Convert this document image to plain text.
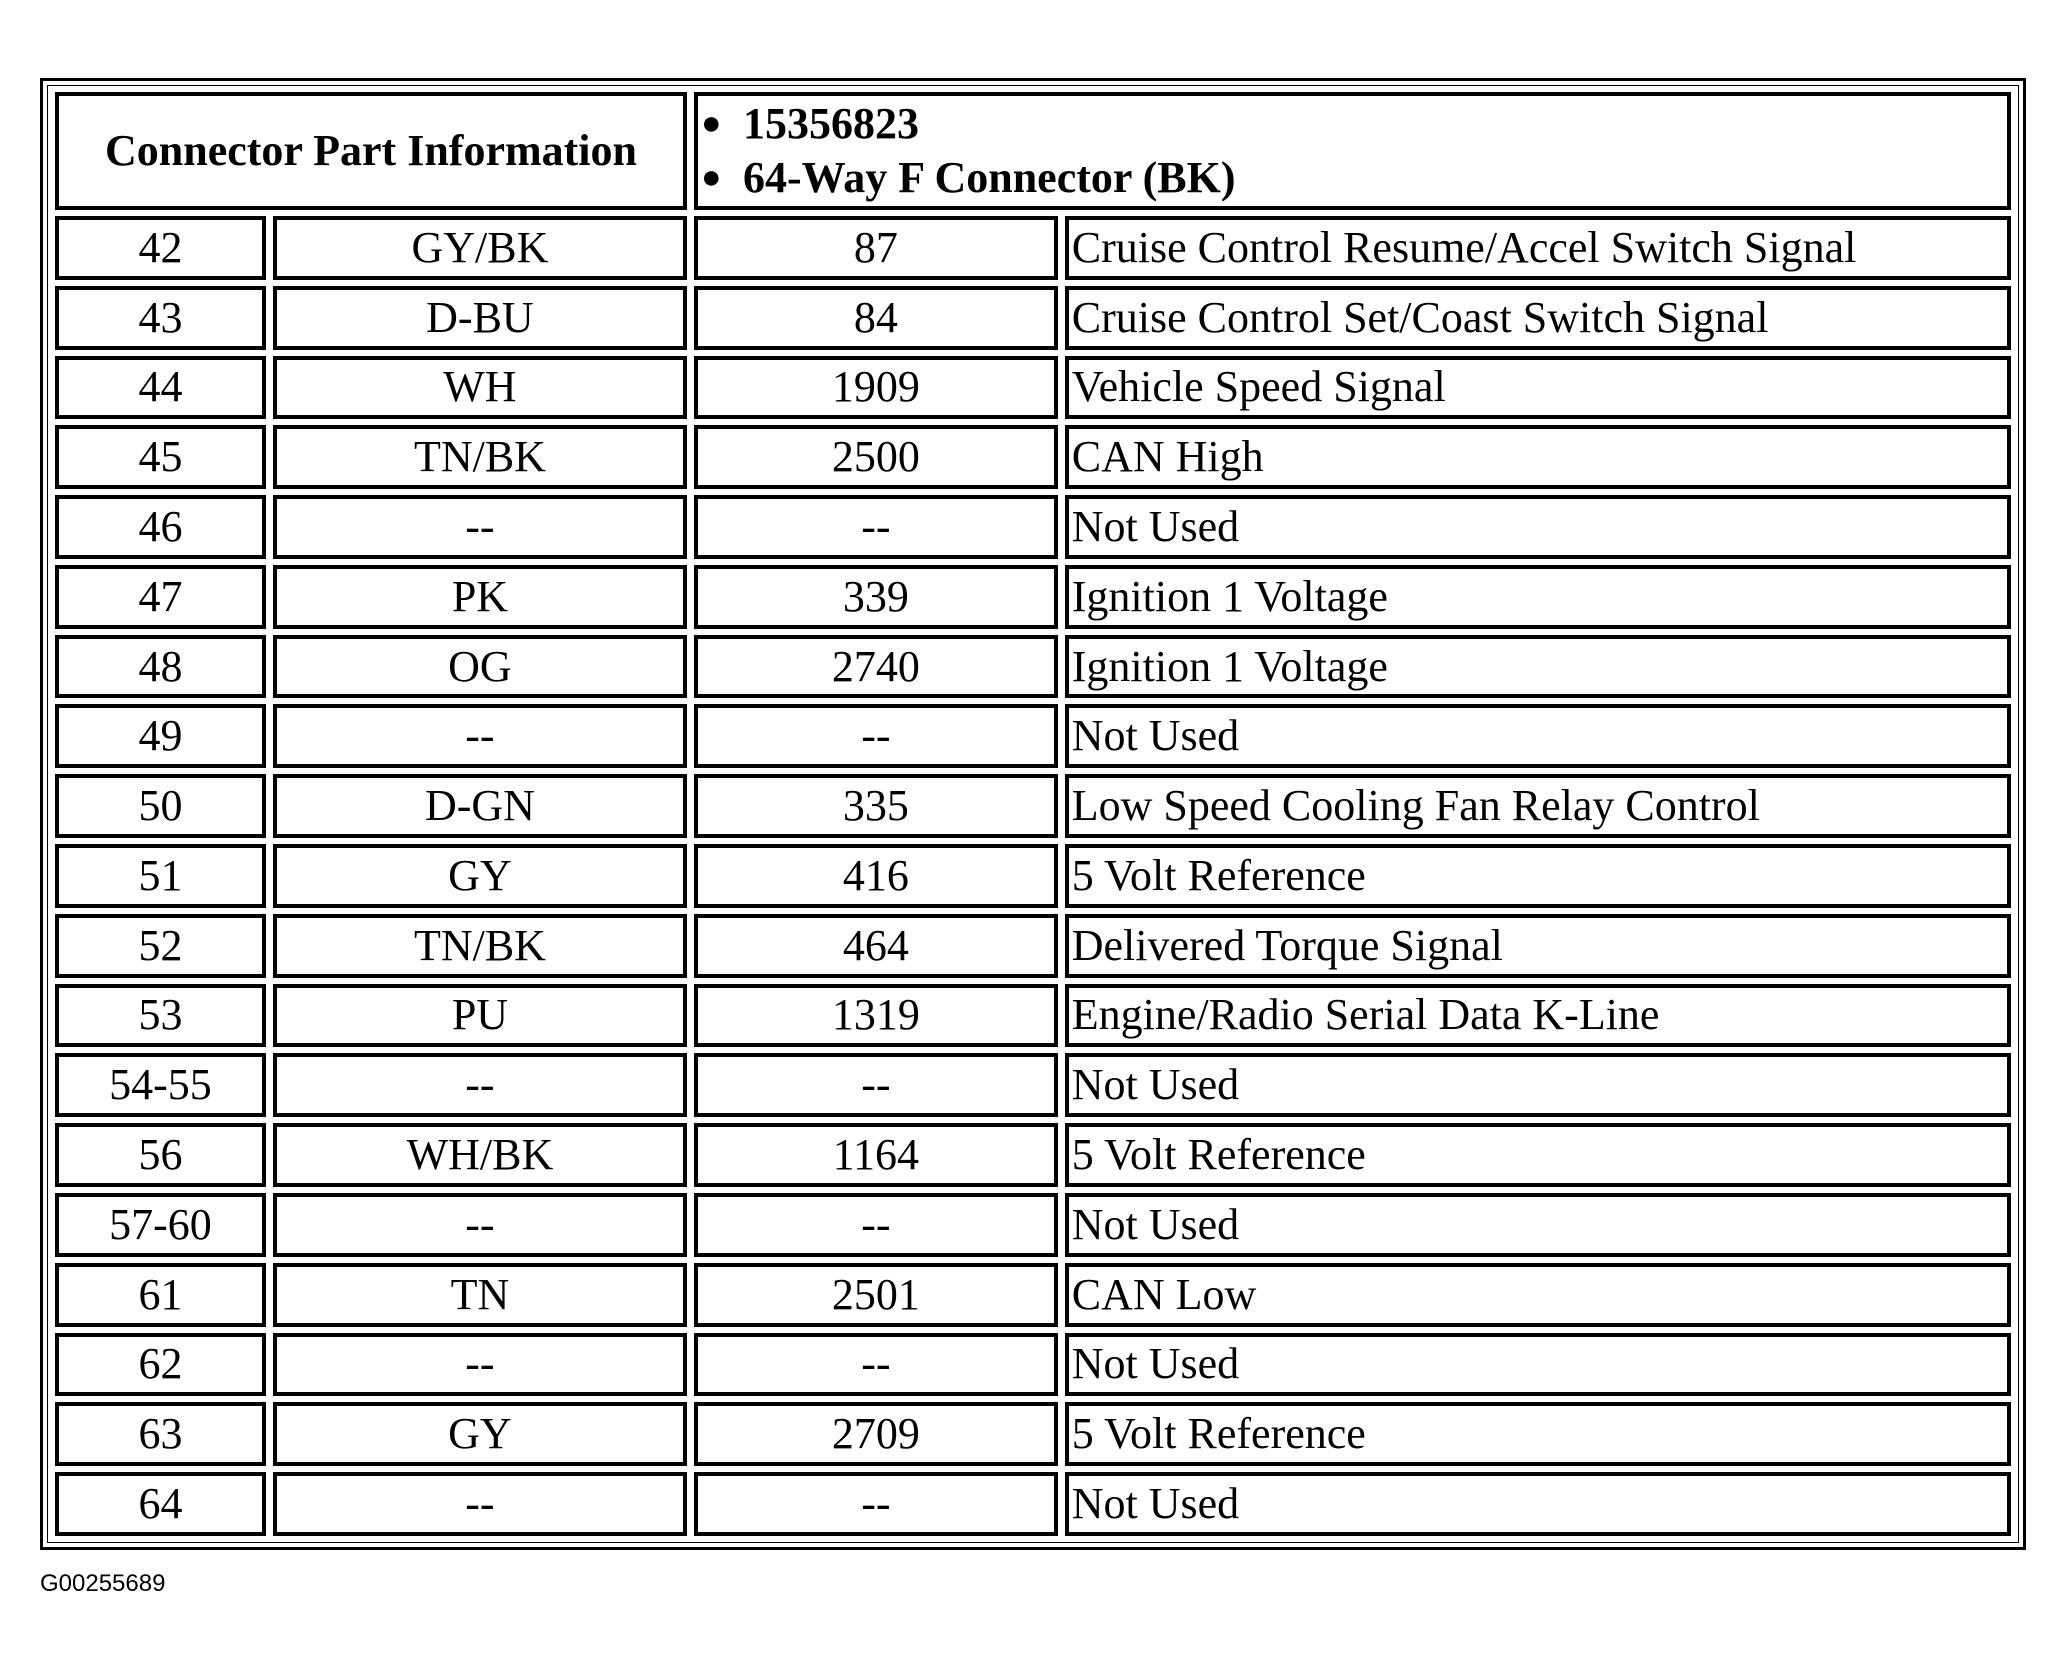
Connector Part Information		● 15356823
● 64-Way F Connector (BK)	

42	GY/BK	87	Cruise Control Resume/Accel Switch Signal
43	D-BU	84	Cruise Control Set/Coast Switch Signal
44	WH	1909	Vehicle Speed Signal
45	TN/BK	2500	CAN High
46	--	--	Not Used
47	PK	339	Ignition 1 Voltage
48	OG	2740	Ignition 1 Voltage
49	--	--	Not Used
50	D-GN	335	Low Speed Cooling Fan Relay Control
51	GY	416	5 Volt Reference
52	TN/BK	464	Delivered Torque Signal
53	PU	1319	Engine/Radio Serial Data K-Line
54-55	--	--	Not Used
56	WH/BK	1164	5 Volt Reference
57-60	--	--	Not Used
61	TN	2501	CAN Low
62	--	--	Not Used
63	GY	2709	5 Volt Reference
64	--	--	Not Used
G00255689
